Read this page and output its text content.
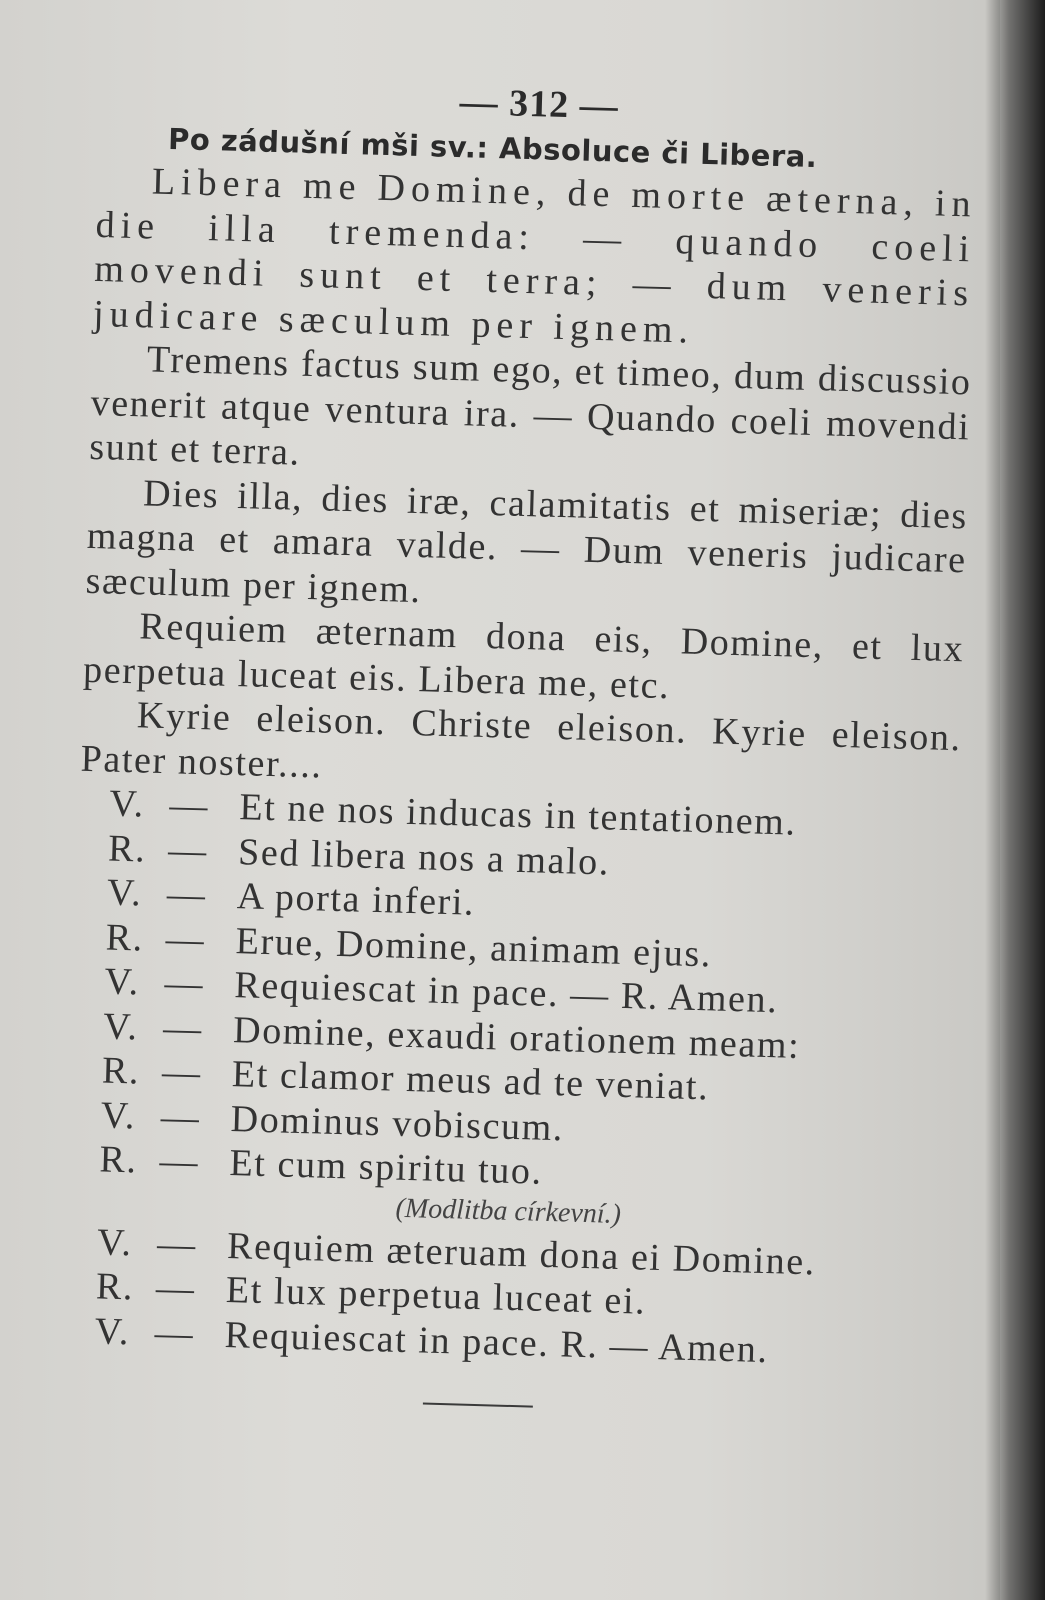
— 312 —
Po zádušní mši sv.: Absoluce či Libera.

Libera me Domine, de morte æterna, in die illa tremenda: — quando coeli movendi sunt et terra; — dum veneris judicare sæculum per ignem.

Tremens factus sum ego, et timeo, dum discussio venerit atque ventura ira. — Quando coeli movendi sunt et terra.

Dies illa, dies iræ, calamitatis et miseriæ; dies magna et amara valde. — Dum veneris judicare sæculum per ignem.

Requiem æternam dona eis, Domine, et lux perpetua luceat eis. Libera me, etc.

Kyrie eleison. Christe eleison. Kyrie eleison. Pater noster....

V. — Et ne nos inducas in tentationem.

R. — Sed libera nos a malo.

V. — A porta inferi.

R. — Erue, Domine, animam ejus.

V. — Requiescat in pace. — R. Amen.

V. — Domine, exaudi orationem meam:

R. — Et clamor meus ad te veniat.

V. — Dominus vobiscum.

R. — Et cum spiritu tuo.

(Modlitba církevní.)

V. — Requiem æteruam dona ei Domine.

R. — Et lux perpetua luceat ei.

V. — Requiescat in pace. R. — Amen.
